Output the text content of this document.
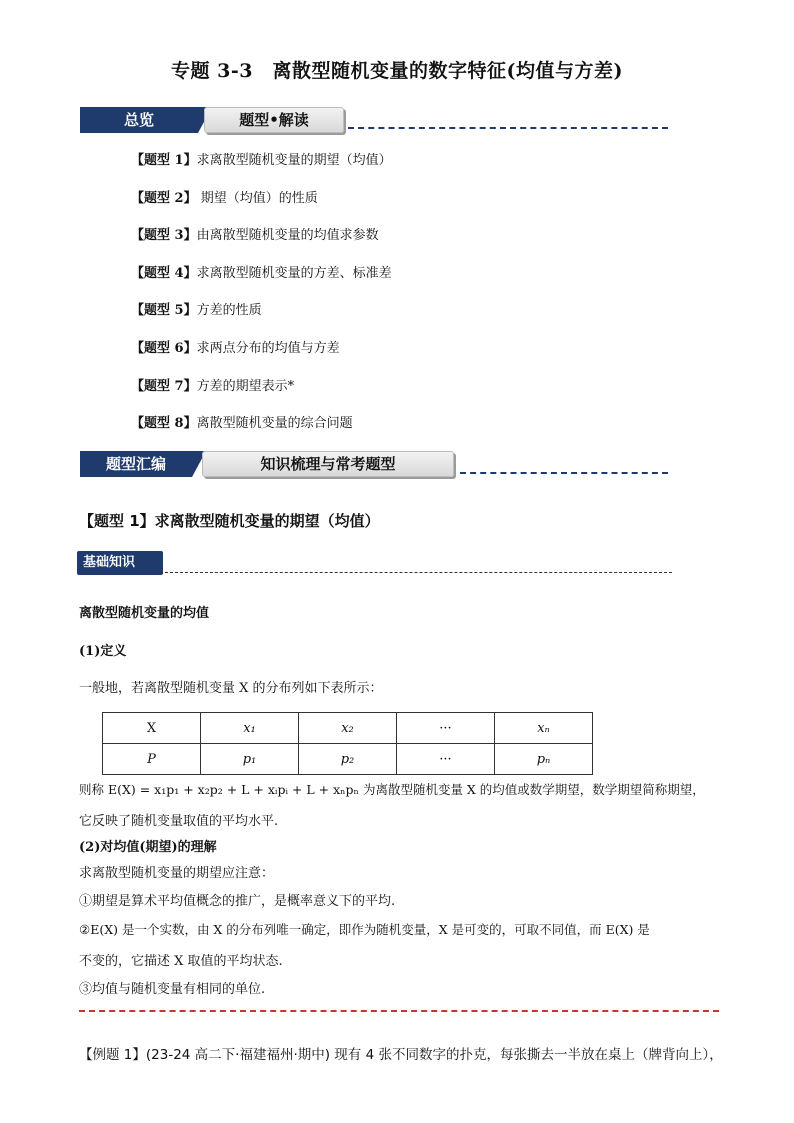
专题 3-3　离散型随机变量的数字特征(均值与方差)
总览	题型•解读
【题型 1】求离散型随机变量的期望（均值）
【题型 2】 期望（均值）的性质
【题型 3】由离散型随机变量的均值求参数
【题型 4】求离散型随机变量的方差、标准差
【题型 5】方差的性质
【题型 6】求两点分布的均值与方差
【题型 7】方差的期望表示*
【题型 8】离散型随机变量的综合问题
题型汇编	知识梳理与常考题型
【题型 1】求离散型随机变量的期望（均值）
基础知识
离散型随机变量的均值
(1)定义
一般地，若离散型随机变量 X 的分布列如下表所示：
X	x₁	x₂	···	xₙ
P	p₁	p₂	···	pₙ
则称 E(X) = x₁p₁ + x₂p₂ + L + xᵢpᵢ + L + xₙpₙ 为离散型随机变量 X 的均值或数学期望，数学期望简称期望，
它反映了随机变量取值的平均水平.
(2)对均值(期望)的理解
求离散型随机变量的期望应注意：
①期望是算术平均值概念的推广，是概率意义下的平均.
②E(X) 是一个实数，由 X 的分布列唯一确定，即作为随机变量，X 是可变的，可取不同值，而 E(X) 是
不变的，它描述 X 取值的平均状态.
③均值与随机变量有相同的单位.
【例题 1】(23-24 高二下·福建福州·期中) 现有 4 张不同数字的扑克，每张撕去一半放在桌上（牌背向上），
